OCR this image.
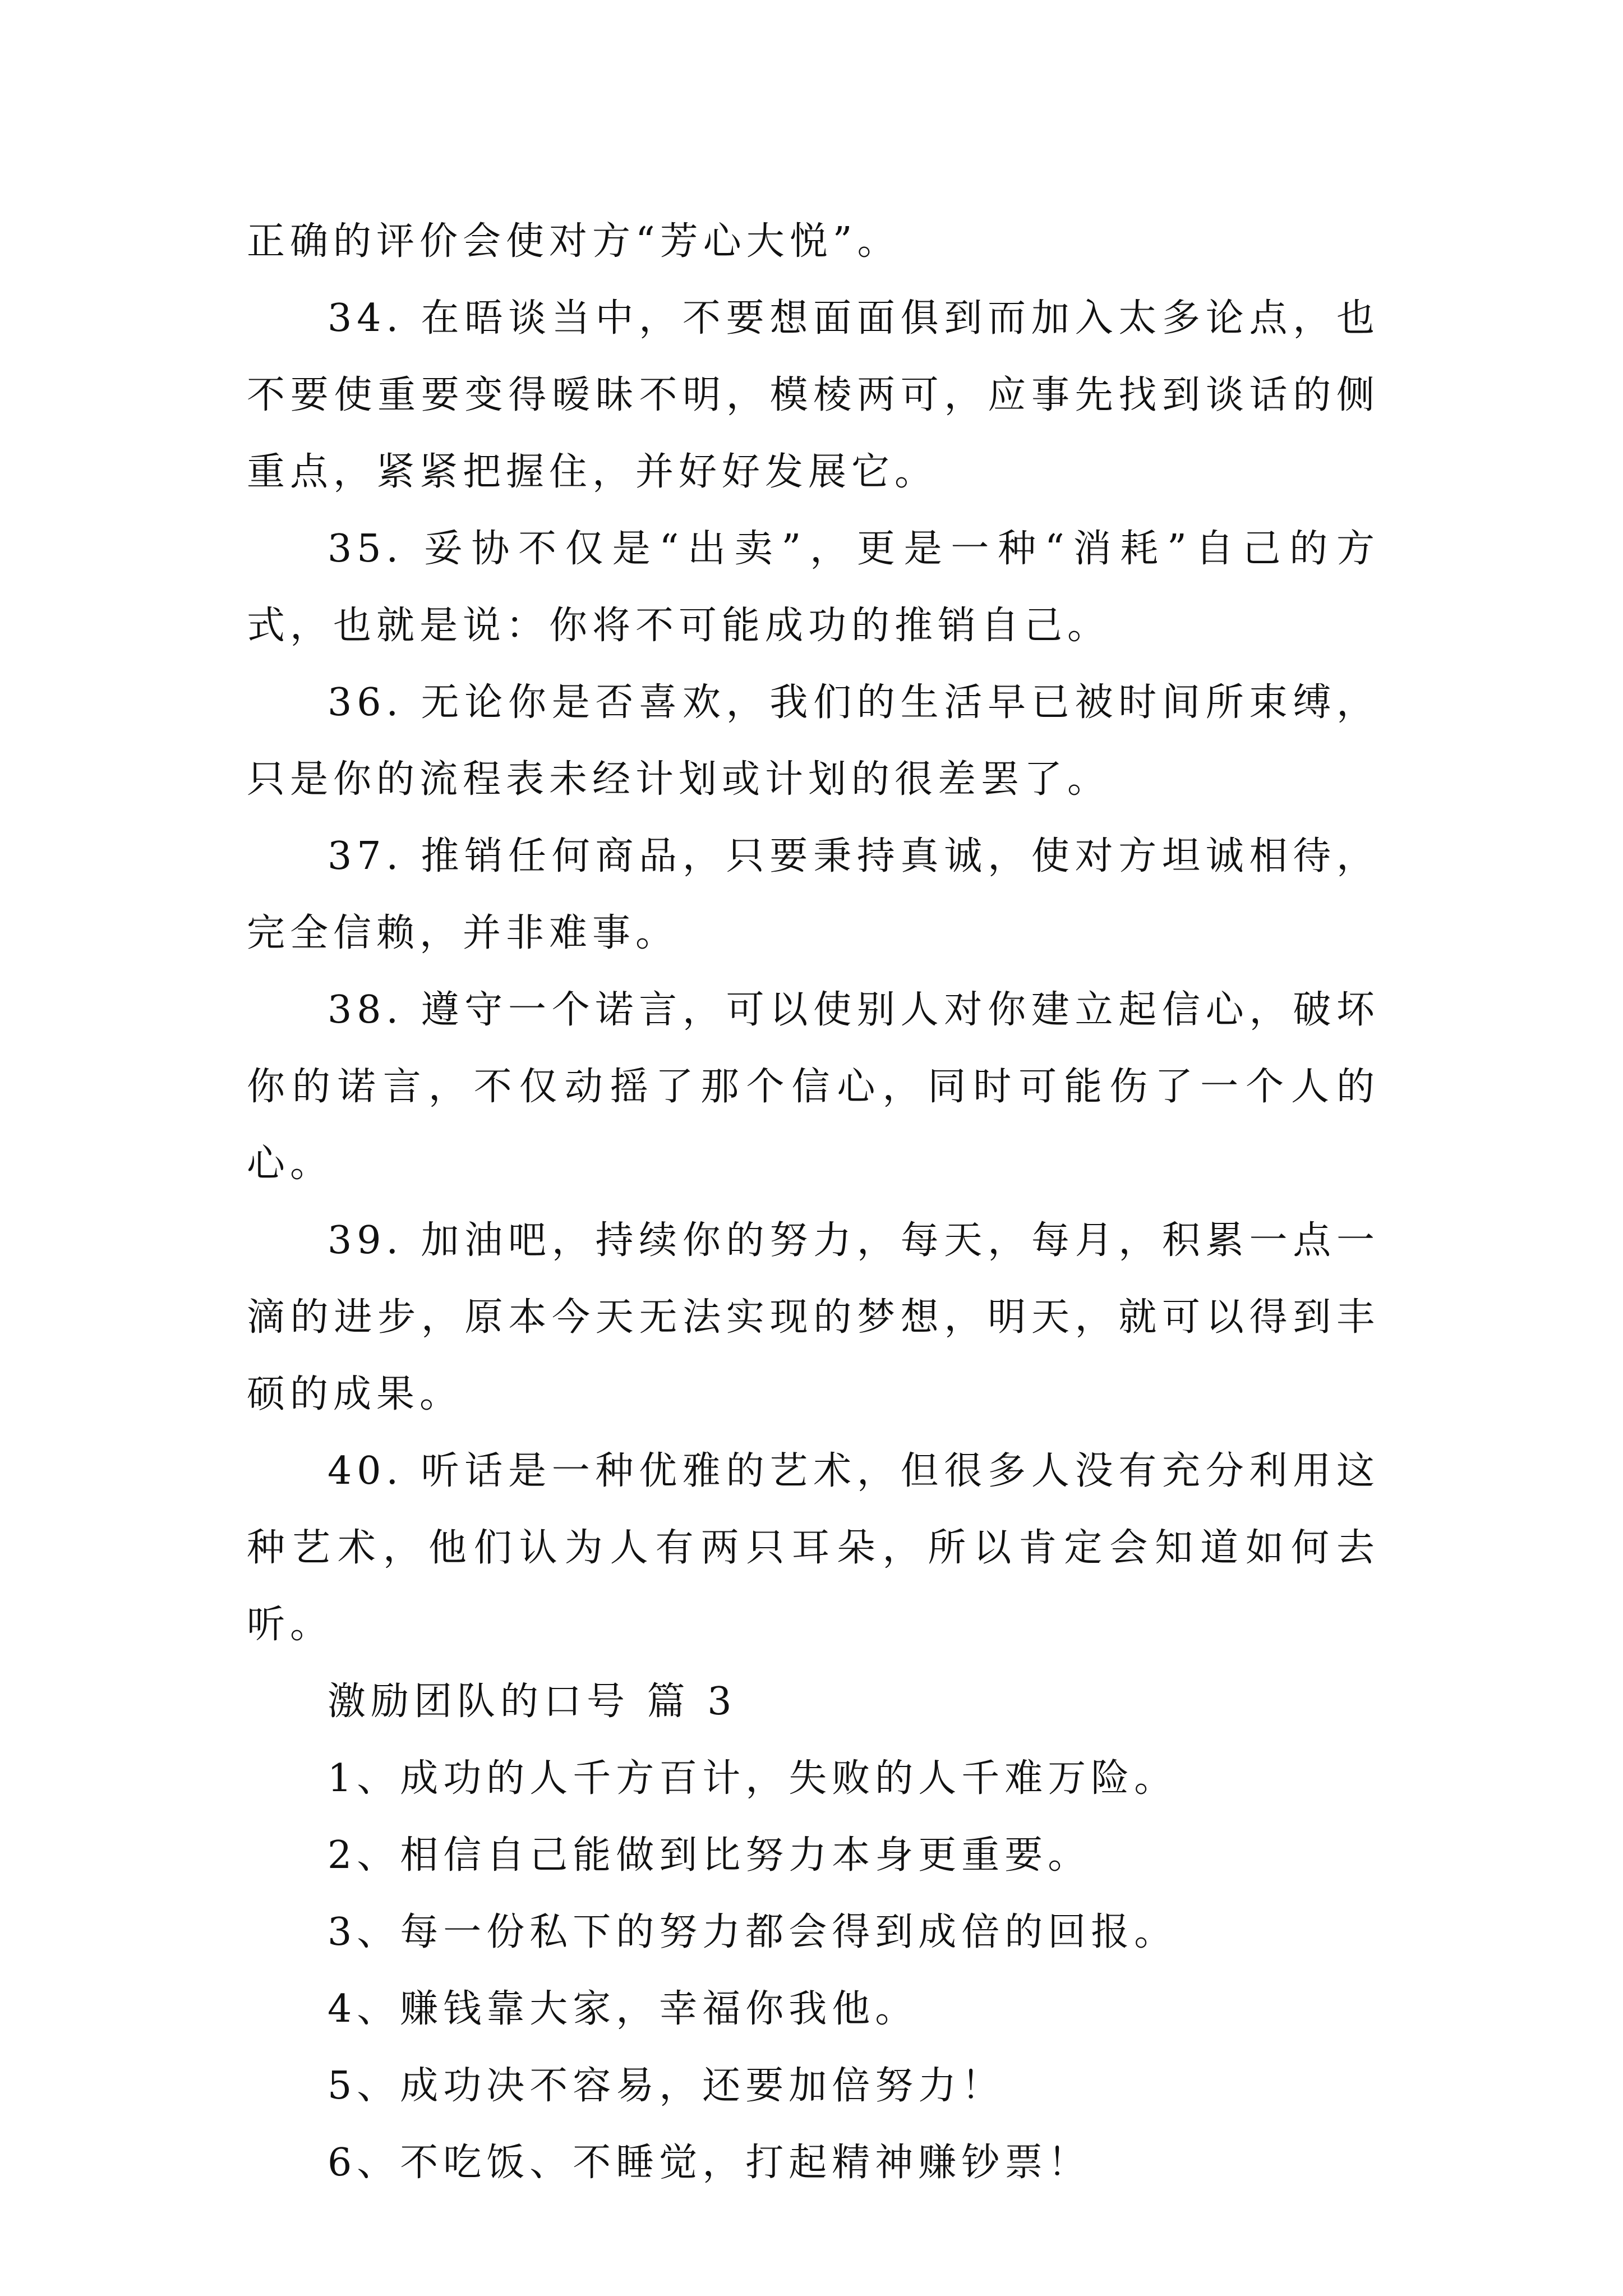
正确的评价会使对方“芳心大悦”。

34. 在晤谈当中，不要想面面俱到而加入太多论点，也不要使重要变得暧昧不明，模棱两可，应事先找到谈话的侧重点，紧紧把握住，并好好发展它。

35. 妥协不仅是“出卖”，更是一种“消耗”自己的方式，也就是说：你将不可能成功的推销自己。

36. 无论你是否喜欢，我们的生活早已被时间所束缚，只是你的流程表未经计划或计划的很差罢了。

37. 推销任何商品，只要秉持真诚，使对方坦诚相待，完全信赖，并非难事。

38. 遵守一个诺言，可以使别人对你建立起信心，破坏你的诺言，不仅动摇了那个信心，同时可能伤了一个人的心。

39. 加油吧，持续你的努力，每天，每月，积累一点一滴的进步，原本今天无法实现的梦想，明天，就可以得到丰硕的成果。

40. 听话是一种优雅的艺术，但很多人没有充分利用这种艺术，他们认为人有两只耳朵，所以肯定会知道如何去听。

激励团队的口号 篇 3

1、成功的人千方百计，失败的人千难万险。

2、相信自己能做到比努力本身更重要。

3、每一份私下的努力都会得到成倍的回报。

4、赚钱靠大家，幸福你我他。

5、成功决不容易，还要加倍努力！

6、不吃饭、不睡觉，打起精神赚钞票！
